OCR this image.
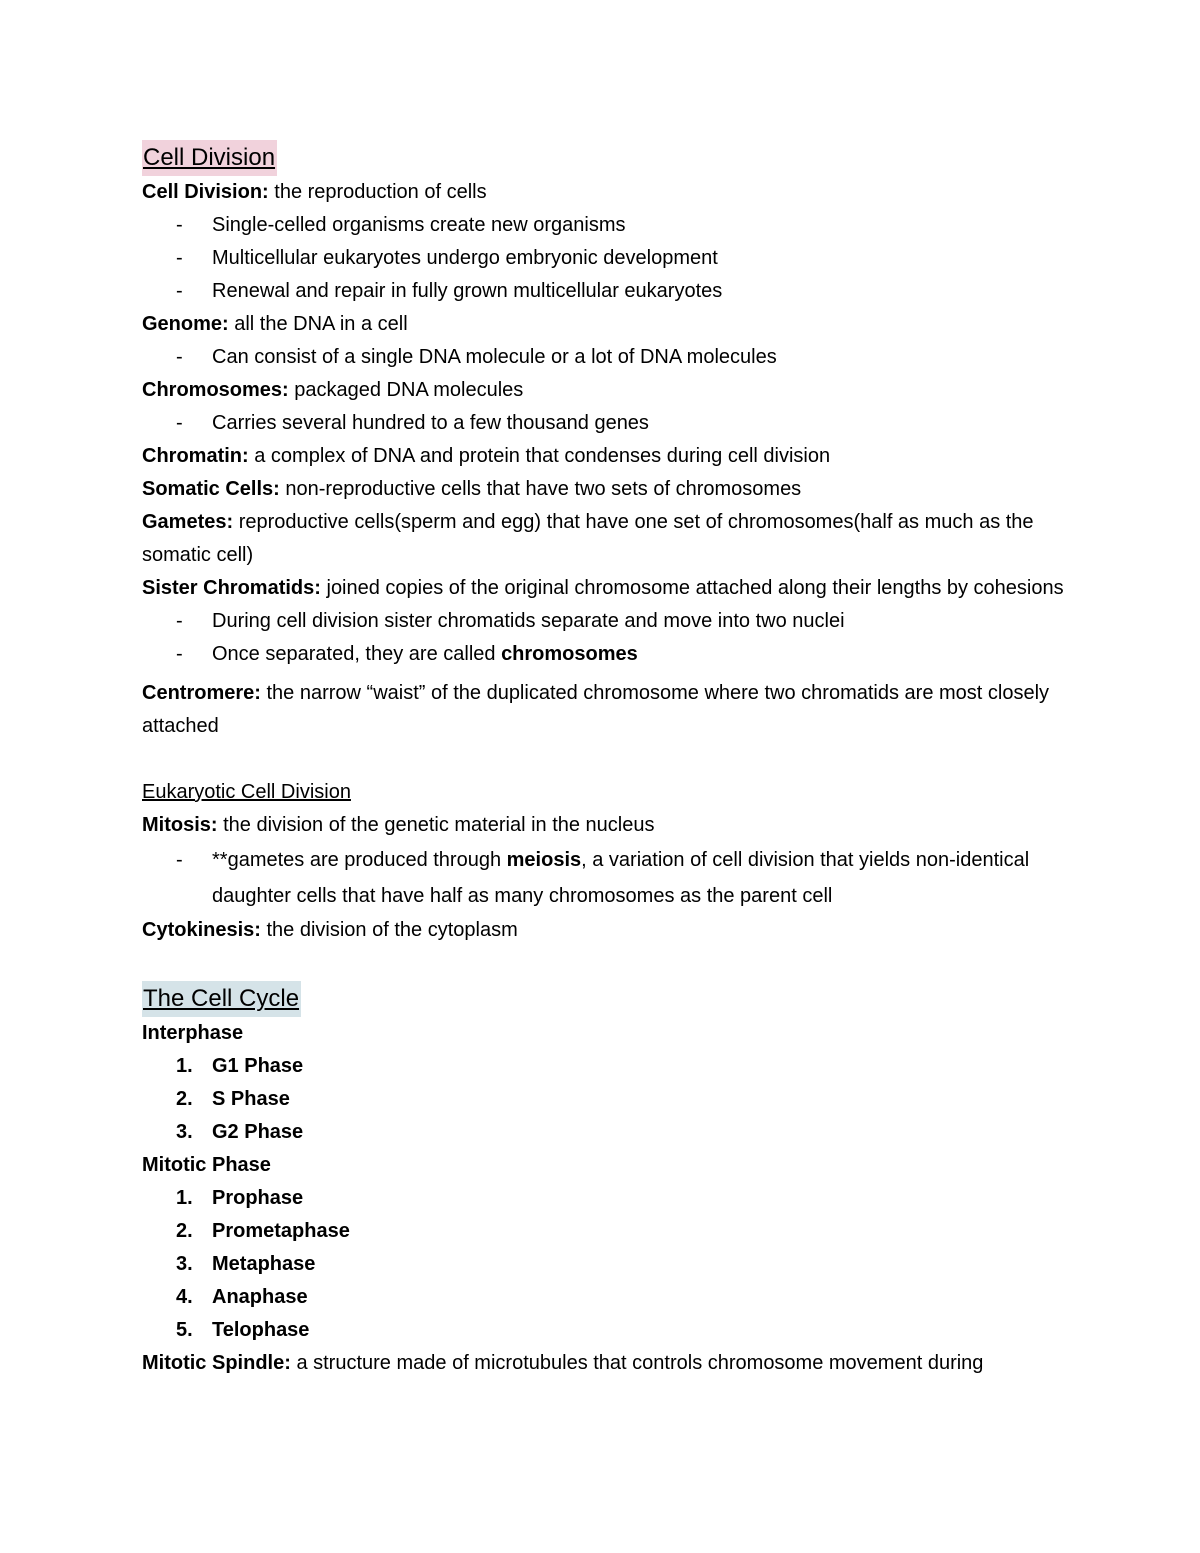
Cell Division
Cell Division: the reproduction of cells
- Single-celled organisms create new organisms
- Multicellular eukaryotes undergo embryonic development
- Renewal and repair in fully grown multicellular eukaryotes
Genome: all the DNA in a cell
- Can consist of a single DNA molecule or a lot of DNA molecules
Chromosomes: packaged DNA molecules
- Carries several hundred to a few thousand genes
Chromatin: a complex of DNA and protein that condenses during cell division
Somatic Cells: non-reproductive cells that have two sets of chromosomes
Gametes: reproductive cells(sperm and egg) that have one set of chromosomes(half as much as the somatic cell)
Sister Chromatids: joined copies of the original chromosome attached along their lengths by cohesions
- During cell division sister chromatids separate and move into two nuclei
- Once separated, they are called chromosomes
Centromere: the narrow “waist” of the duplicated chromosome where two chromatids are most closely attached
Eukaryotic Cell Division
Mitosis: the division of the genetic material in the nucleus
- **gametes are produced through meiosis, a variation of cell division that yields non-identical daughter cells that have half as many chromosomes as the parent cell
Cytokinesis: the division of the cytoplasm
The Cell Cycle
Interphase
1. G1 Phase
2. S Phase
3. G2 Phase
Mitotic Phase
1. Prophase
2. Prometaphase
3. Metaphase
4. Anaphase
5. Telophase
Mitotic Spindle: a structure made of microtubules that controls chromosome movement during
